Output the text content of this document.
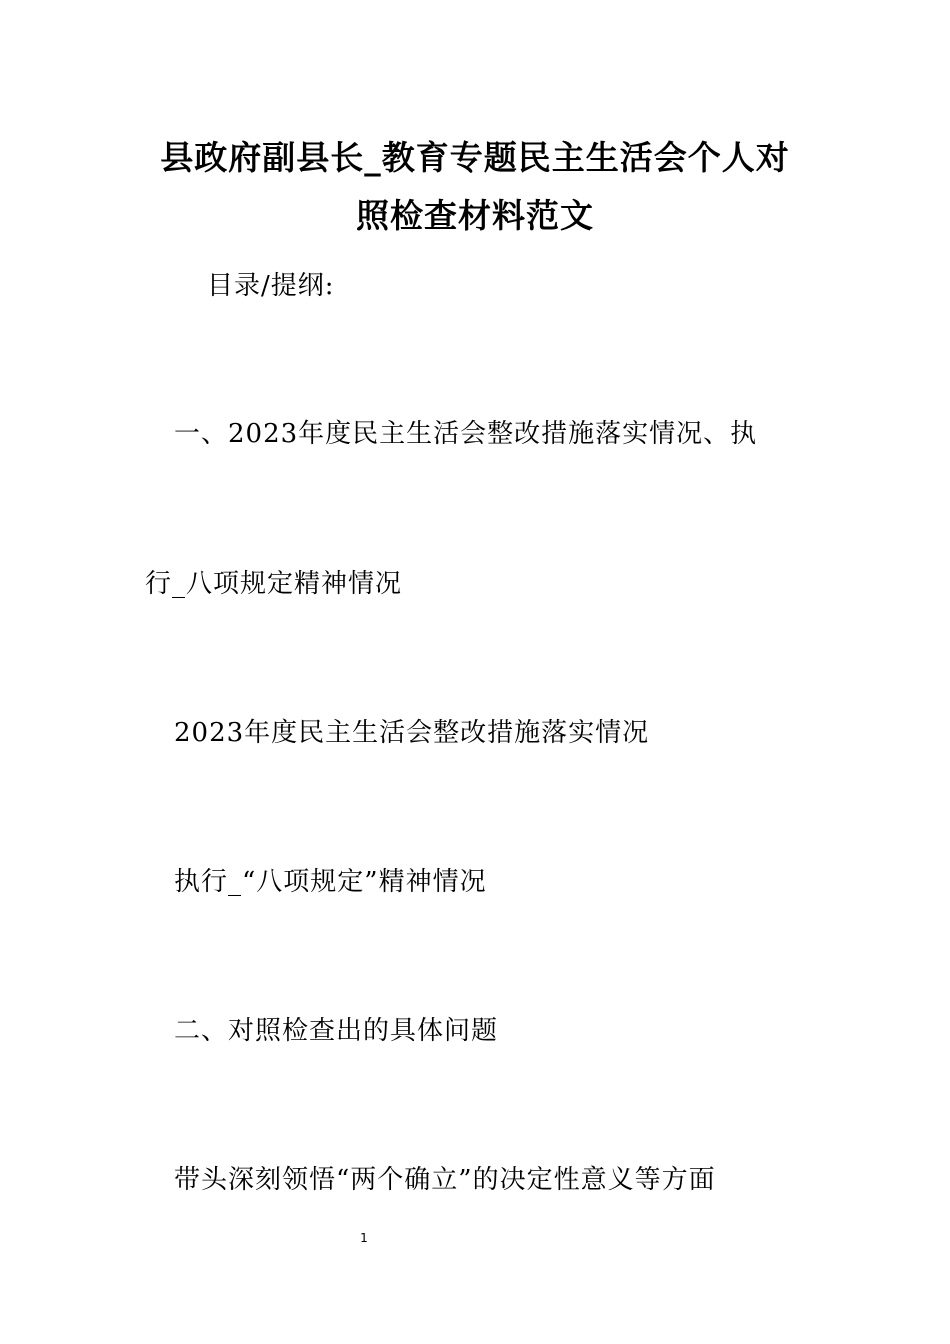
县政府副县长_教育专题民主生活会个人对
照检查材料范文
目录/提纲:
一、2023年度民主生活会整改措施落实情况、执
行_八项规定精神情况
2023年度民主生活会整改措施落实情况
执行_“八项规定”精神情况
二、对照检查出的具体问题
带头深刻领悟“两个确立”的决定性意义等方面
1
